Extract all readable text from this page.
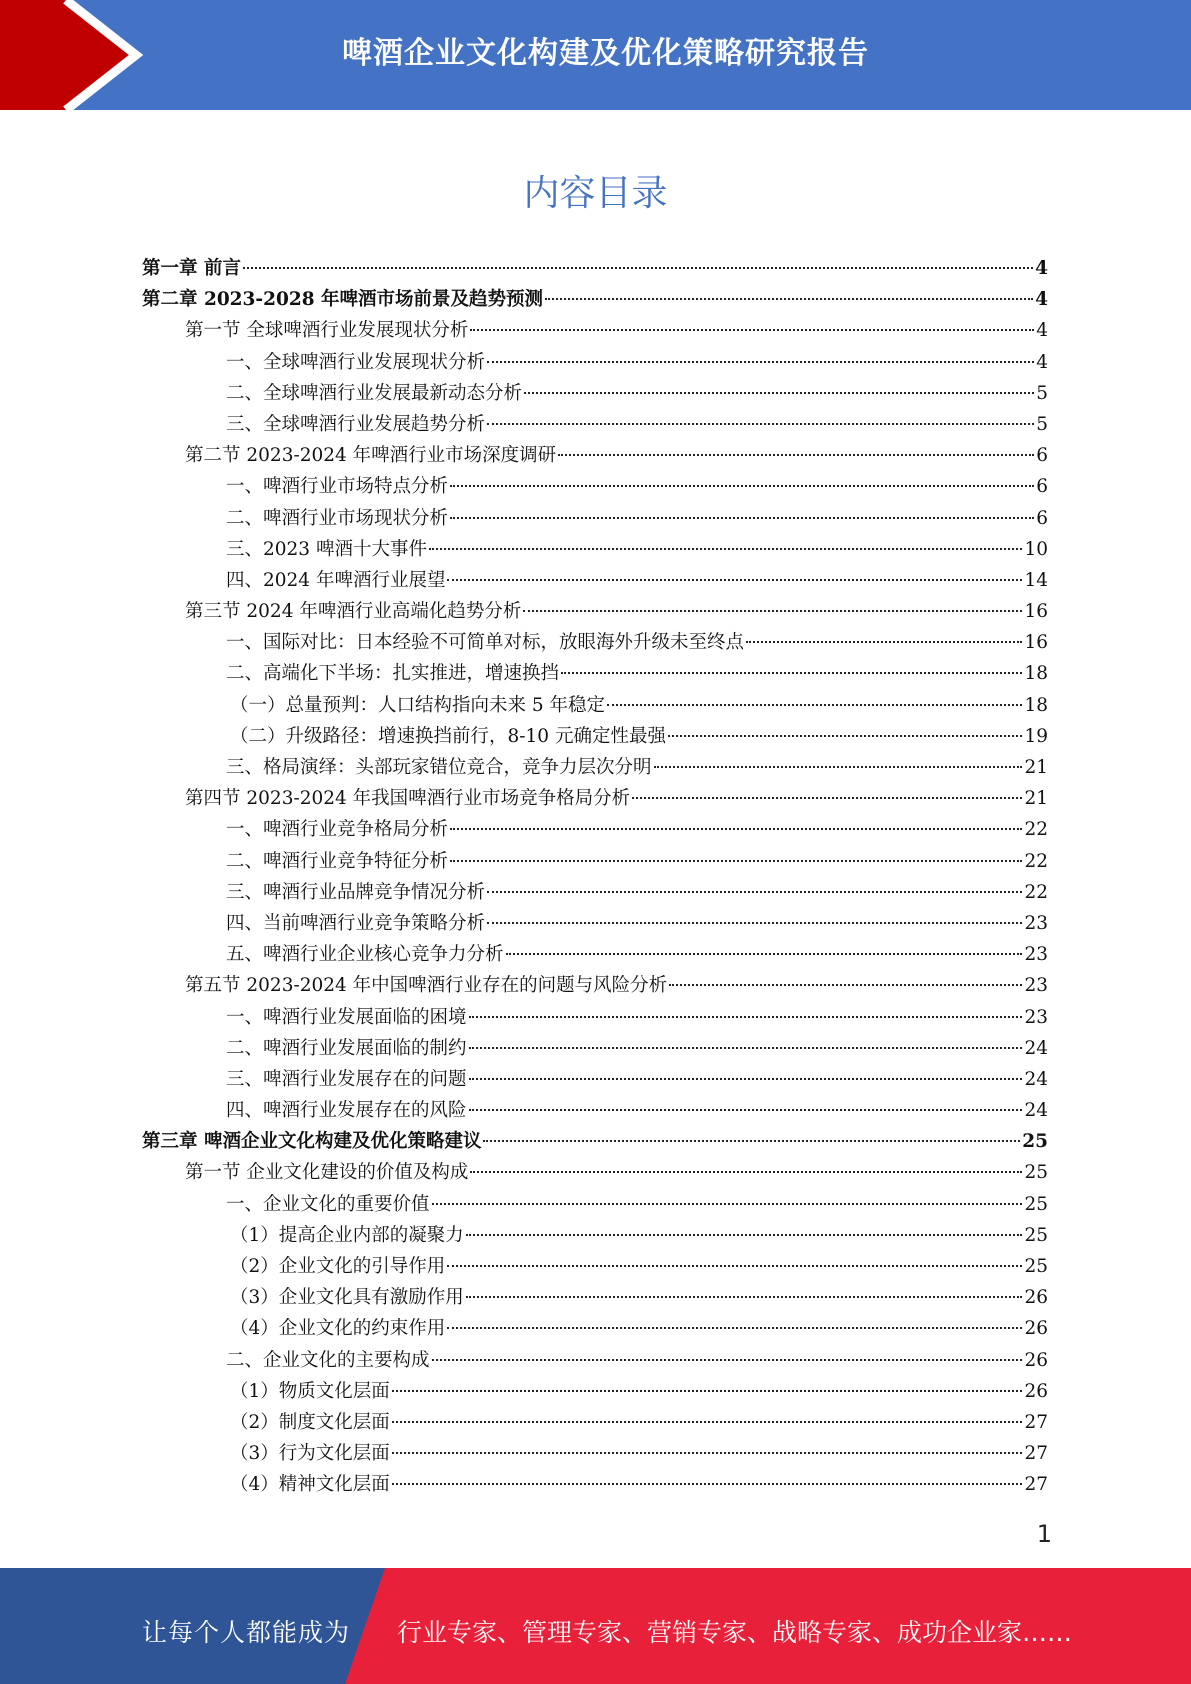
啤酒企业文化构建及优化策略研究报告
内容目录
第一章 前言	4
第二章 2023-2028 年啤酒市场前景及趋势预测	4
第一节 全球啤酒行业发展现状分析	4
一、全球啤酒行业发展现状分析	4
二、全球啤酒行业发展最新动态分析	5
三、全球啤酒行业发展趋势分析	5
第二节 2023-2024 年啤酒行业市场深度调研	6
一、啤酒行业市场特点分析	6
二、啤酒行业市场现状分析	6
三、2023 啤酒十大事件	10
四、2024 年啤酒行业展望	14
第三节 2024 年啤酒行业高端化趋势分析	16
一、国际对比：日本经验不可简单对标，放眼海外升级未至终点	16
二、高端化下半场：扎实推进，增速换挡	18
（一）总量预判：人口结构指向未来 5 年稳定	18
（二）升级路径：增速换挡前行，8-10 元确定性最强	19
三、格局演绎：头部玩家错位竞合，竞争力层次分明	21
第四节 2023-2024 年我国啤酒行业市场竞争格局分析	21
一、啤酒行业竞争格局分析	22
二、啤酒行业竞争特征分析	22
三、啤酒行业品牌竞争情况分析	22
四、当前啤酒行业竞争策略分析	23
五、啤酒行业企业核心竞争力分析	23
第五节 2023-2024 年中国啤酒行业存在的问题与风险分析	23
一、啤酒行业发展面临的困境	23
二、啤酒行业发展面临的制约	24
三、啤酒行业发展存在的问题	24
四、啤酒行业发展存在的风险	24
第三章 啤酒企业文化构建及优化策略建议	25
第一节 企业文化建设的价值及构成	25
一、企业文化的重要价值	25
（1）提高企业内部的凝聚力	25
（2）企业文化的引导作用	25
（3）企业文化具有激励作用	26
（4）企业文化的约束作用	26
二、企业文化的主要构成	26
（1）物质文化层面	26
（2）制度文化层面	27
（3）行为文化层面	27
（4）精神文化层面	27
1
让每个人都能成为 行业专家、管理专家、营销专家、战略专家、成功企业家……
